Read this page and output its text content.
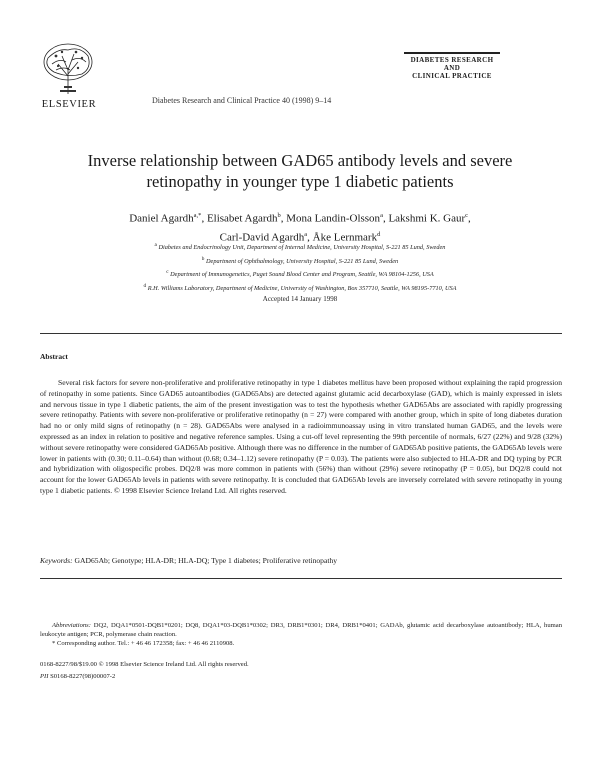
ELSEVIER	Diabetes Research and Clinical Practice 40 (1998) 9–14
DIABETES RESEARCH
AND
CLINICAL PRACTICE
Inverse relationship between GAD65 antibody levels and severe
retinopathy in younger type 1 diabetic patients
Daniel Agardh$^{a,*}$, Elisabet Agardh$^b$, Mona Landin-Olsson$^a$, Lakshmi K. Gaur$^c$,
Carl-David Agardh$^a$, Åke Lernmark$^d$
$^a$ Diabetes and Endocrinology Unit, Department of Internal Medicine, University Hospital, S-221 85 Lund, Sweden
$^b$ Department of Ophthalmology, University Hospital, S-221 85 Lund, Sweden
$^c$ Department of Immunogenetics, Puget Sound Blood Center and Program, Seattle, WA 98104-1256, USA
$^d$ R.H. Williams Laboratory, Department of Medicine, University of Washington, Box 357710, Seattle, WA 98195-7710, USA
Accepted 14 January 1998
Abstract
Several risk factors for severe non-proliferative and proliferative retinopathy in type 1 diabetes mellitus have been proposed without explaining the rapid progression of retinopathy in some patients. Since GAD65 autoantibodies (GAD65Abs) are detected against glutamic acid decarboxylase (GAD), which is mainly expressed in islets and nervous tissue in type 1 diabetic patients, the aim of the present investigation was to test the hypothesis whether GAD65Abs are associated with rapidly progressing severe retinopathy. Patients with severe non-proliferative or proliferative retinopathy (n = 27) were compared with another group, which in spite of long diabetes duration had no or only mild signs of retinopathy (n = 28). GAD65Abs were analysed in a radioimmunoassay using in vitro translated human GAD65, and the levels were expressed as an index in relation to positive and negative reference samples. Using a cut-off level representing the 99th percentile of normals, 6/27 (22%) and 9/28 (32%) without severe retinopathy were considered GAD65Ab positive. Although there was no difference in the number of GAD65Ab positive patients, the GAD65Ab levels were lower in patients with (0.30; 0.11–0.64) than without (0.68; 0.34–1.12) severe retinopathy (P = 0.03). The patients were also subjected to HLA-DR and DQ typing by PCR and hybridization with oligospecific probes. DQ2/8 was more common in patients with (56%) than without (29%) severe retinopathy (P = 0.05), but DQ2/8 could not account for the lower GAD65Ab levels in patients with severe retinopathy. It is concluded that GAD65Ab levels are inversely correlated with severe retinopathy in young type 1 diabetic patients. © 1998 Elsevier Science Ireland Ltd. All rights reserved.
Keywords: GAD65Ab; Genotype; HLA-DR; HLA-DQ; Type 1 diabetes; Proliferative retinopathy
Abbreviations: DQ2, DQA1*0501-DQB1*0201; DQ8, DQA1*03-DQB1*0302; DR3, DRB1*0301; DR4, DRB1*0401; GADAb, glutamic acid decarboxylase autoantibody; HLA, human leukocyte antigen; PCR, polymerase chain reaction.
* Corresponding author. Tel.: + 46 46 172358; fax: + 46 46 2110908.
0168-8227/98/$19.00 © 1998 Elsevier Science Ireland Ltd. All rights reserved.
PII S0168-8227(98)00007-2
